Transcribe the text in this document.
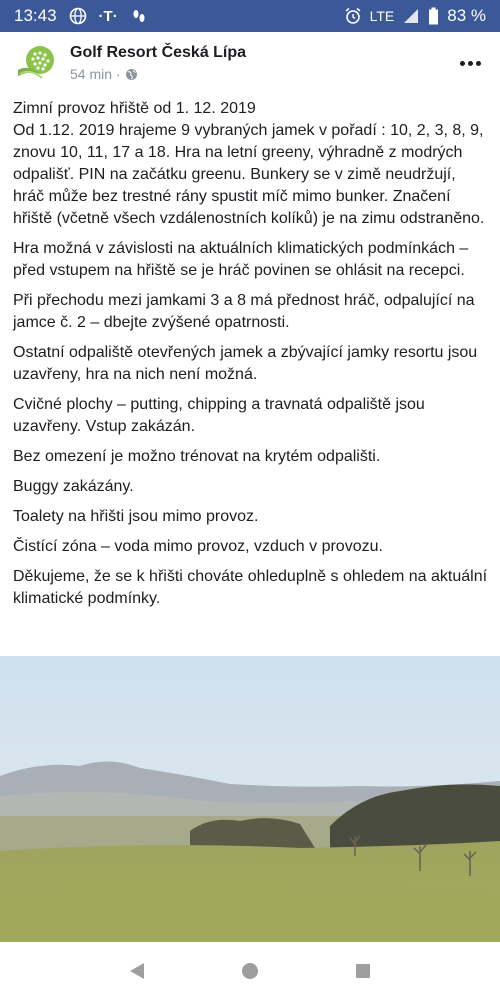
13:43	·T·	LTE	83 %
Golf Resort Česká Lípa
54 min ·

Zimní provoz hřiště od 1. 12. 2019
Od 1.12. 2019 hrajeme 9 vybraných jamek v pořadí : 10, 2, 3, 8, 9, znovu 10, 11, 17 a 18. Hra na letní greeny, výhradně z modrých odpališť. PIN na začátku greenu. Bunkery se v zimě neudržují, hráč může bez trestné rány spustit míč mimo bunker. Značení hřiště (včetně všech vzdálenostních kolíků) je na zimu odstraněno.

Hra možná v závislosti na aktuálních klimatických podmínkách – před vstupem na hřiště se je hráč povinen se ohlásit na recepci.

Při přechodu mezi jamkami 3 a 8 má přednost hráč, odpalující na jamce č. 2 – dbejte zvýšené opatrnosti.

Ostatní odpaliště otevřených jamek a zbývající jamky resortu jsou uzavřeny, hra na nich není možná.

Cvičné plochy – putting, chipping a travnatá odpaliště jsou uzavřeny. Vstup zakázán.

Bez omezení je možno trénovat na krytém odpališti.

Buggy zakázány.

Toalety na hřišti jsou mimo provoz.

Čistící zóna – voda mimo provoz, vzduch v provozu.

Děkujeme, že se k hřišti chováte ohleduplně s ohledem na aktuální klimatické podmínky.
